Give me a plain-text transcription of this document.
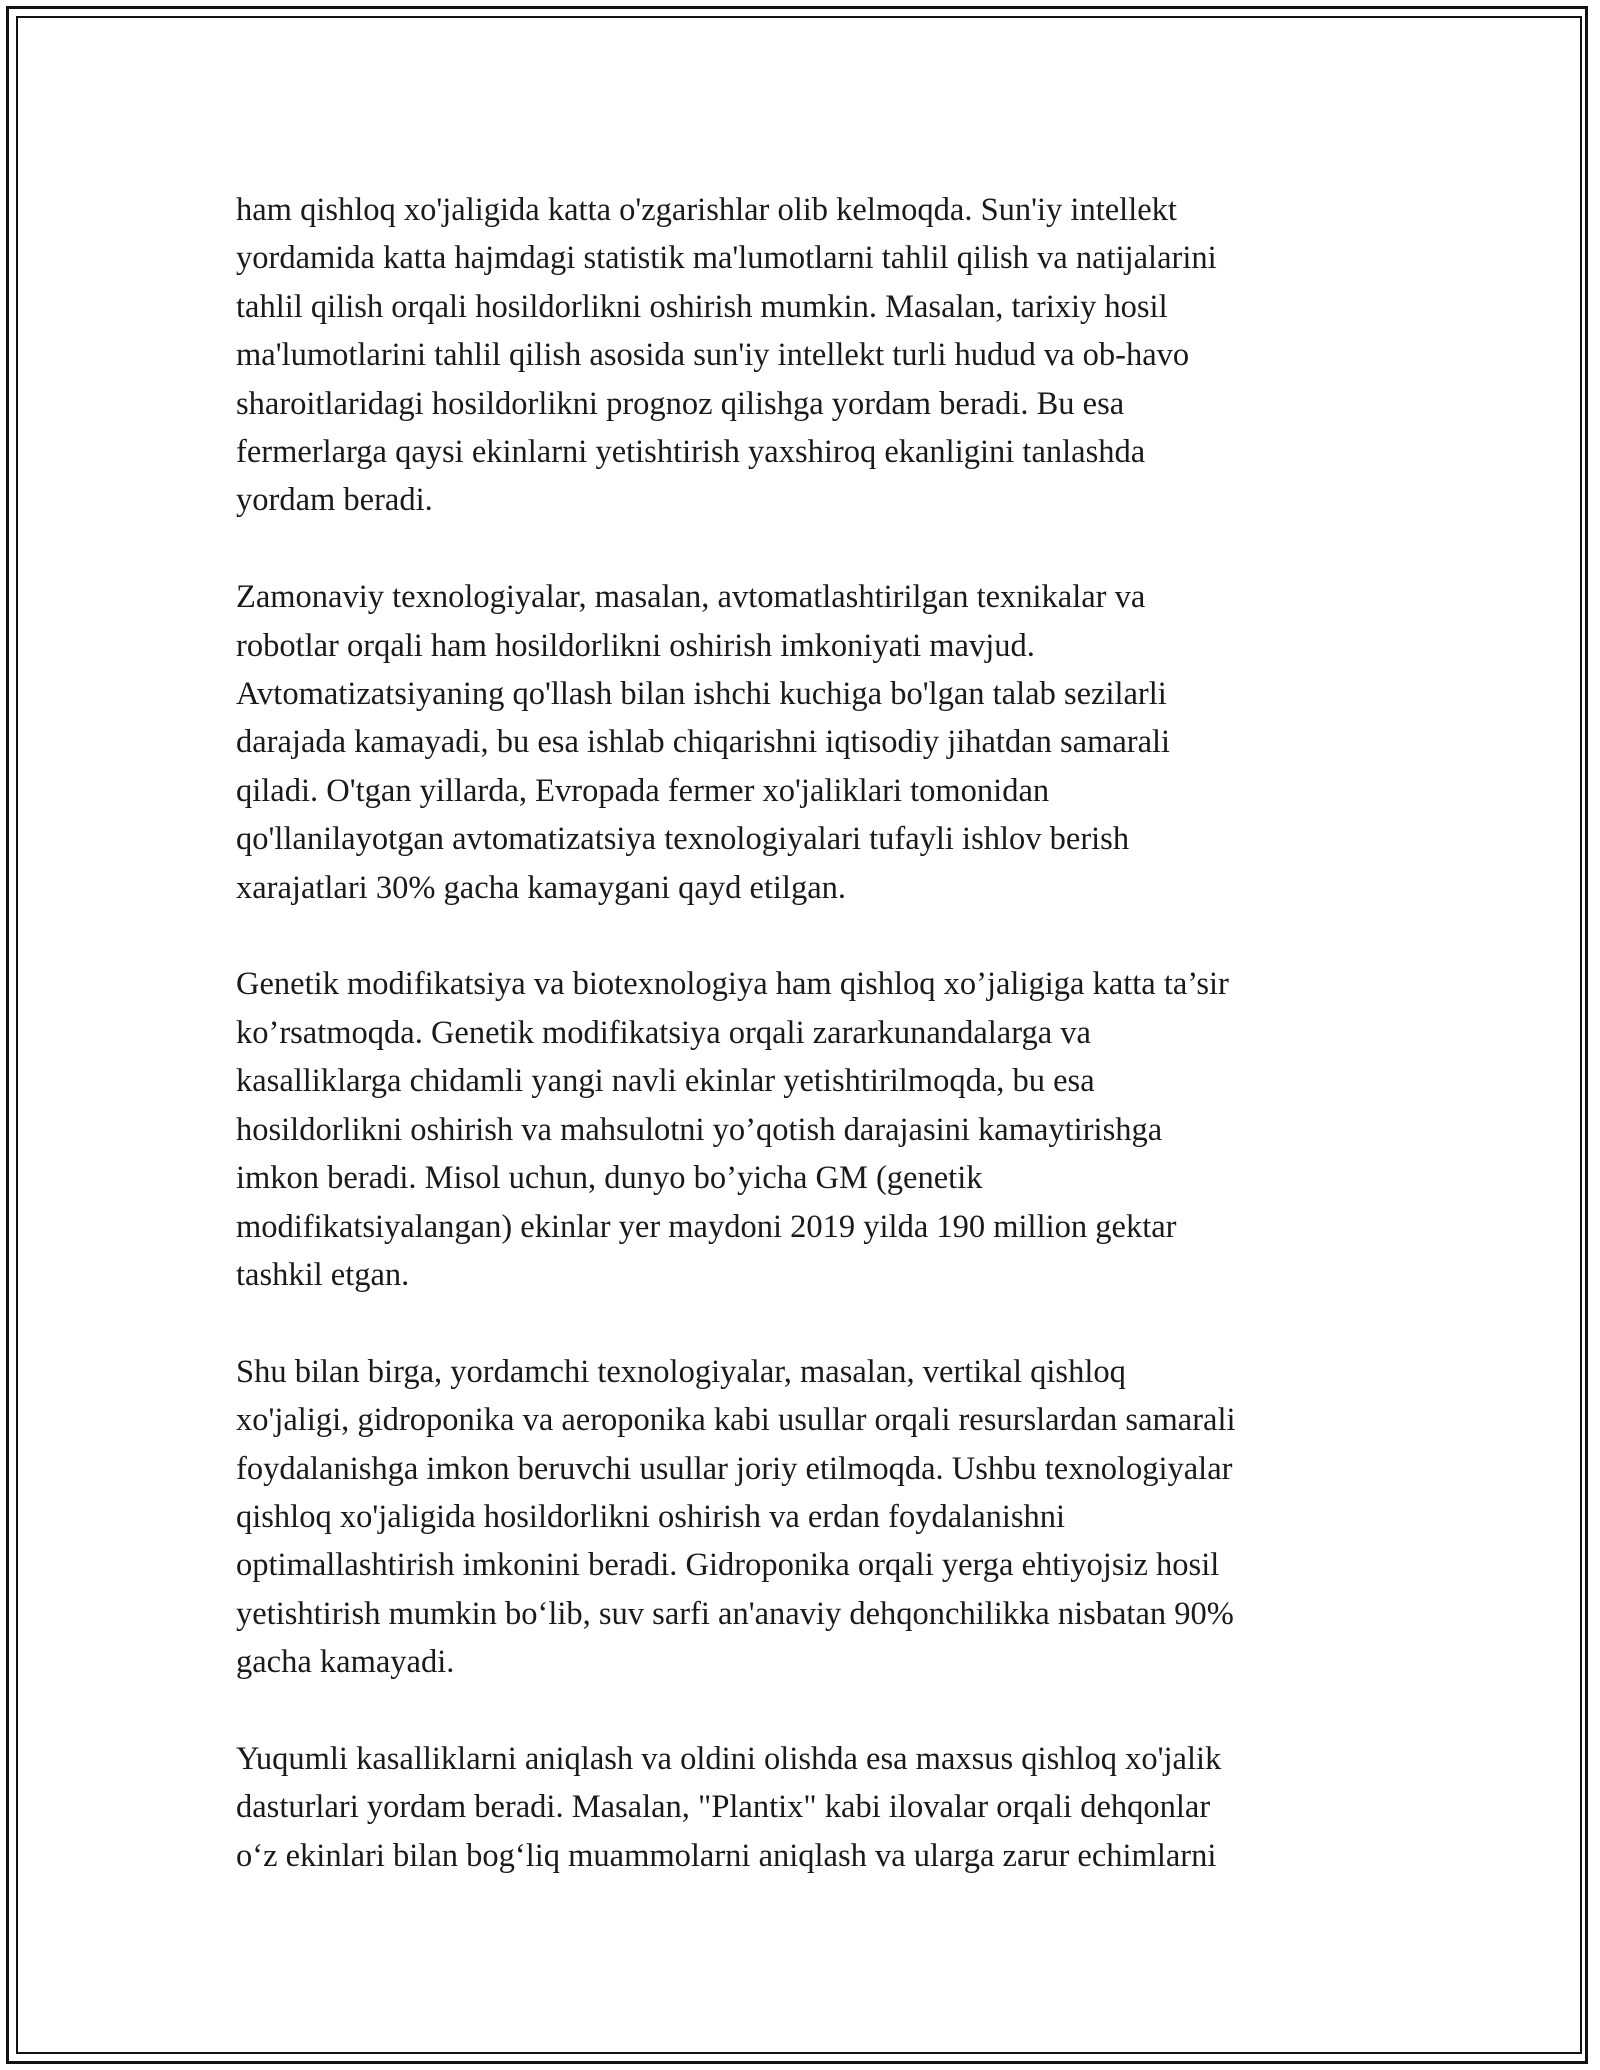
ham qishloq xo'jaligida katta o'zgarishlar olib kelmoqda. Sun'iy intellekt
yordamida katta hajmdagi statistik ma'lumotlarni tahlil qilish va natijalarini
tahlil qilish orqali hosildorlikni oshirish mumkin. Masalan, tarixiy hosil
ma'lumotlarini tahlil qilish asosida sun'iy intellekt turli hudud va ob-havo
sharoitlaridagi hosildorlikni prognoz qilishga yordam beradi. Bu esa
fermerlarga qaysi ekinlarni yetishtirish yaxshiroq ekanligini tanlashda
yordam beradi.

Zamonaviy texnologiyalar, masalan, avtomatlashtirilgan texnikalar va
robotlar orqali ham hosildorlikni oshirish imkoniyati mavjud.
Avtomatizatsiyaning qo'llash bilan ishchi kuchiga bo'lgan talab sezilarli
darajada kamayadi, bu esa ishlab chiqarishni iqtisodiy jihatdan samarali
qiladi. O'tgan yillarda, Evropada fermer xo'jaliklari tomonidan
qo'llanilayotgan avtomatizatsiya texnologiyalari tufayli ishlov berish
xarajatlari 30% gacha kamaygani qayd etilgan.

Genetik modifikatsiya va biotexnologiya ham qishloq xo’jaligiga katta ta’sir
ko’rsatmoqda. Genetik modifikatsiya orqali zararkunandalarga va
kasalliklarga chidamli yangi navli ekinlar yetishtirilmoqda, bu esa
hosildorlikni oshirish va mahsulotni yo’qotish darajasini kamaytirishga
imkon beradi. Misol uchun, dunyo bo’yicha GM (genetik
modifikatsiyalangan) ekinlar yer maydoni 2019 yilda 190 million gektar
tashkil etgan.

Shu bilan birga, yordamchi texnologiyalar, masalan, vertikal qishloq
xo'jaligi, gidroponika va aeroponika kabi usullar orqali resurslardan samarali
foydalanishga imkon beruvchi usullar joriy etilmoqda. Ushbu texnologiyalar
qishloq xo'jaligida hosildorlikni oshirish va erdan foydalanishni
optimallashtirish imkonini beradi. Gidroponika orqali yerga ehtiyojsiz hosil
yetishtirish mumkin bo‘lib, suv sarfi an'anaviy dehqonchilikka nisbatan 90%
gacha kamayadi.

Yuqumli kasalliklarni aniqlash va oldini olishda esa maxsus qishloq xo'jalik
dasturlari yordam beradi. Masalan, "Plantix" kabi ilovalar orqali dehqonlar
o‘z ekinlari bilan bog‘liq muammolarni aniqlash va ularga zarur echimlarni
